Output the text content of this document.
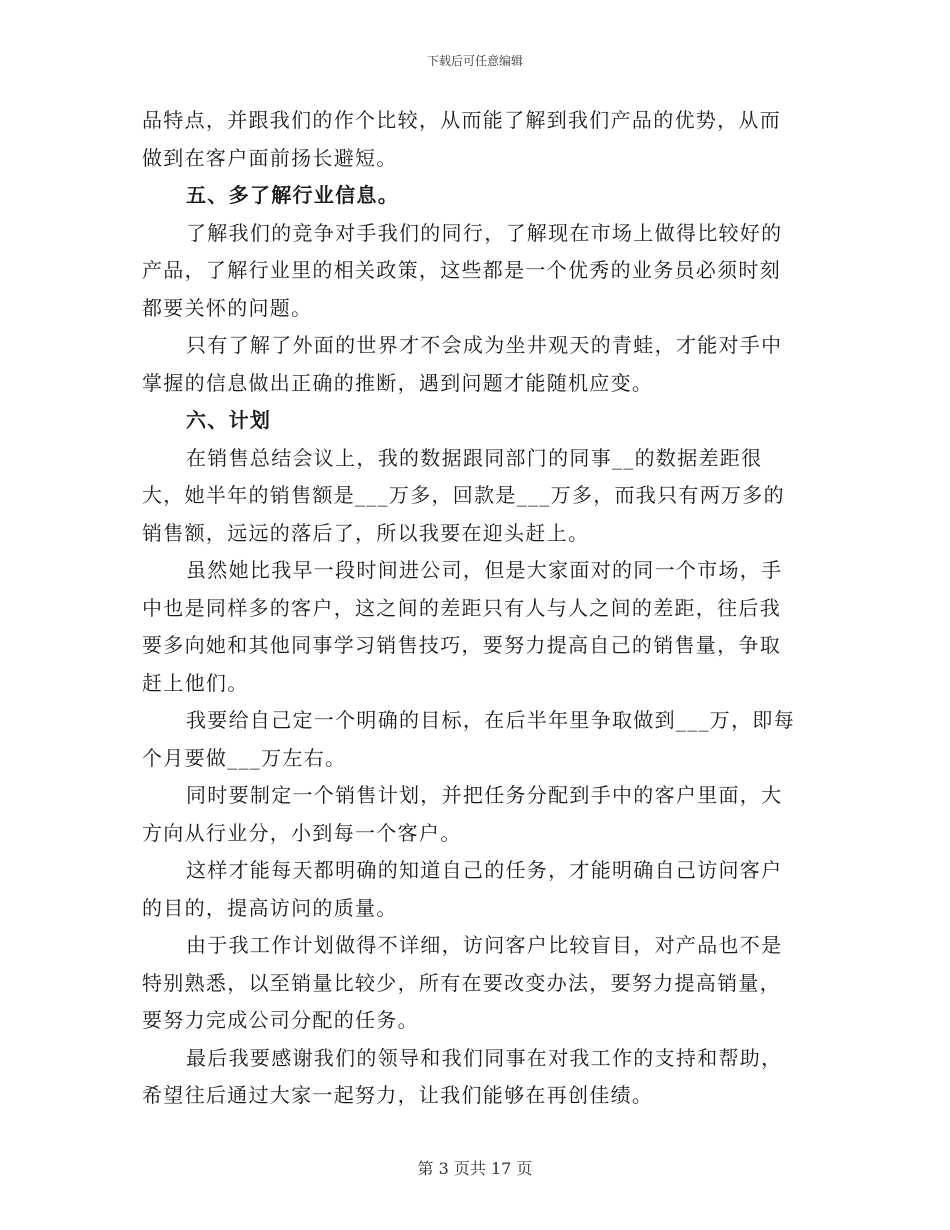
下载后可任意编辑

品特点，并跟我们的作个比较，从而能了解到我们产品的优势，从而做到在客户面前扬长避短。

五、多了解行业信息。

了解我们的竞争对手我们的同行，了解现在市场上做得比较好的产品，了解行业里的相关政策，这些都是一个优秀的业务员必须时刻都要关怀的问题。

只有了解了外面的世界才不会成为坐井观天的青蛙，才能对手中掌握的信息做出正确的推断，遇到问题才能随机应变。

六、计划

在销售总结会议上，我的数据跟同部门的同事__的数据差距很大，她半年的销售额是___万多，回款是___万多，而我只有两万多的销售额，远远的落后了，所以我要在迎头赶上。

虽然她比我早一段时间进公司，但是大家面对的同一个市场，手中也是同样多的客户，这之间的差距只有人与人之间的差距，往后我要多向她和其他同事学习销售技巧，要努力提高自己的销售量，争取赶上他们。

我要给自己定一个明确的目标，在后半年里争取做到___万，即每个月要做___万左右。

同时要制定一个销售计划，并把任务分配到手中的客户里面，大方向从行业分，小到每一个客户。

这样才能每天都明确的知道自己的任务，才能明确自己访问客户的目的，提高访问的质量。

由于我工作计划做得不详细，访问客户比较盲目，对产品也不是特别熟悉，以至销量比较少，所有在要改变办法，要努力提高销量，要努力完成公司分配的任务。

最后我要感谢我们的领导和我们同事在对我工作的支持和帮助，希望往后通过大家一起努力，让我们能够在再创佳绩。

第 3 页共 17 页
